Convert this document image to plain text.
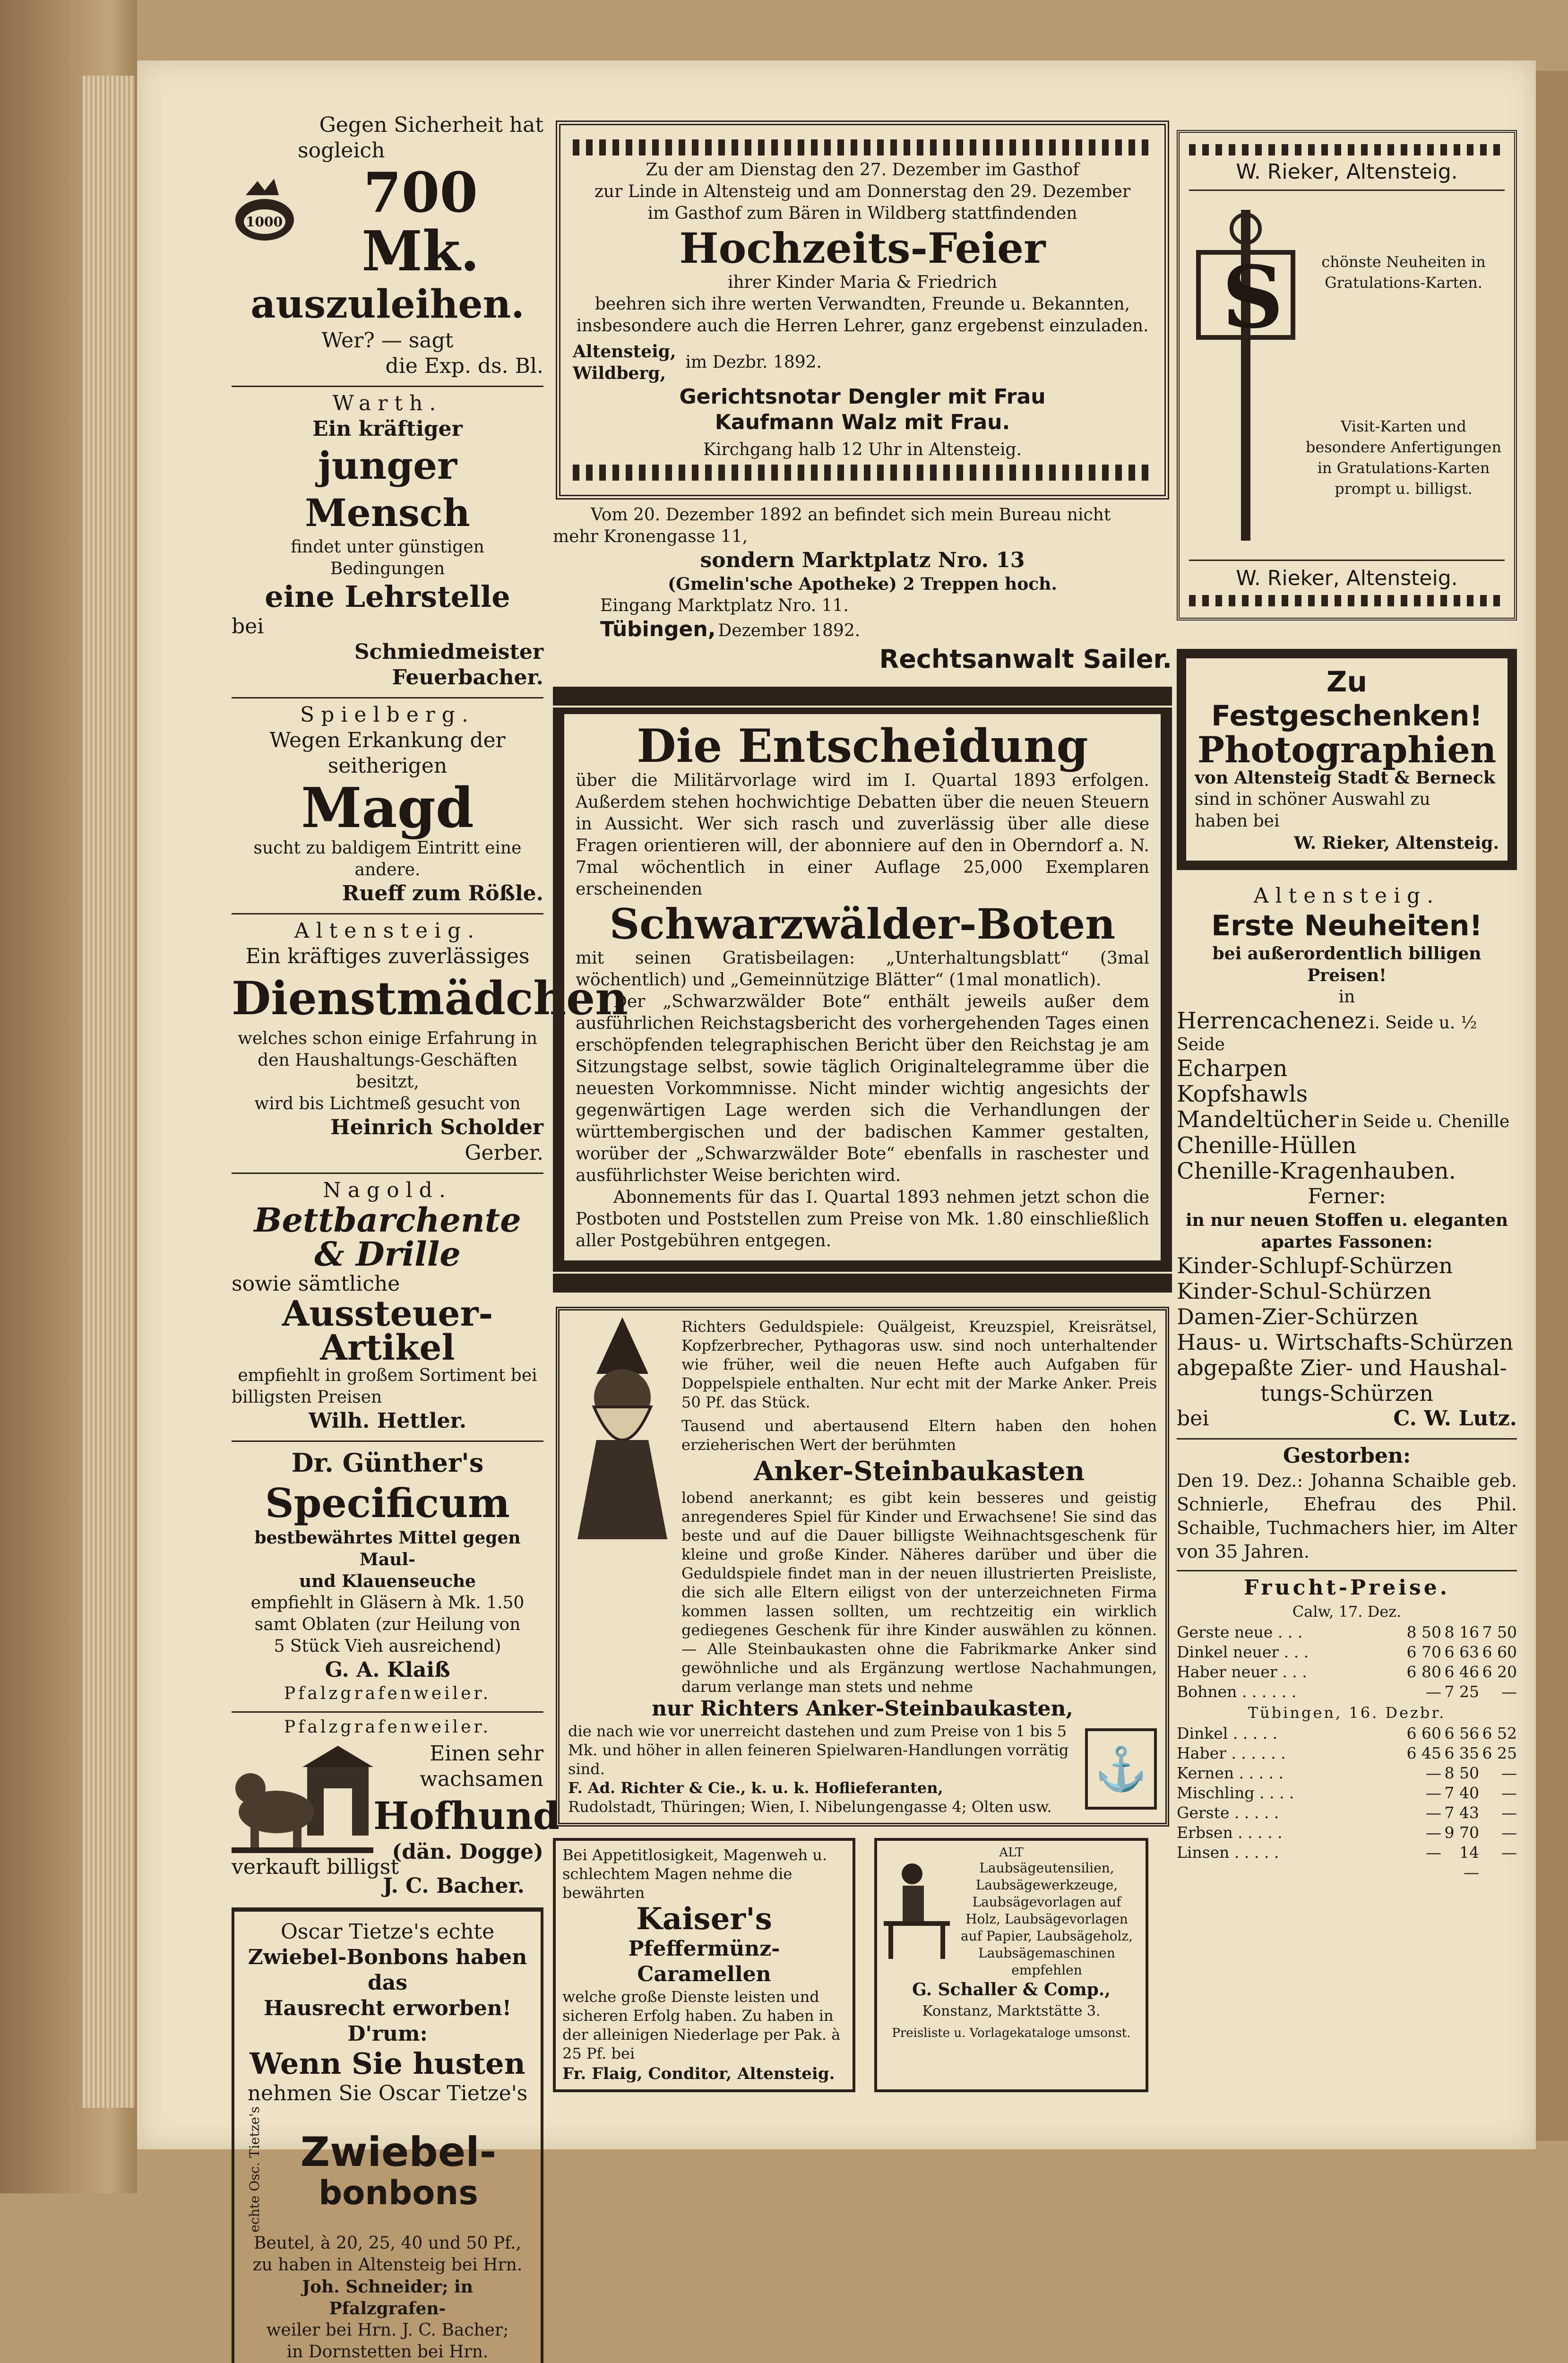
Gegen Sicherheit hat
1000
sogleich
700 Mk.
auszuleihen.
Wer? — sagt
die Exp. ds. Bl.
Warth.
Ein kräftiger
junger Mensch
findet unter günstigen Bedingungen
eine Lehrstelle
bei
Schmiedmeister Feuerbacher.
Spielberg.
Wegen Erkankung der seitherigen
Magd
sucht zu baldigem Eintritt eine andere.
Rueff zum Rößle.
Altensteig.
Ein kräftiges zuverlässiges
Dienstmädchen
welches schon einige Erfahrung in
den Haushaltungs-Geschäften besitzt,
wird bis Lichtmeß gesucht von
Heinrich Scholder
Gerber.
Nagold.
Bettbarchente
& Drille
sowie sämtliche
Aussteuer-Artikel
empfiehlt in großem Sortiment bei
billigsten Preisen
Wilh. Hettler.
Dr. Günther's
Specificum
bestbewährtes Mittel gegen Maul-
und Klauenseuche
empfiehlt in Gläsern à Mk. 1.50
samt Oblaten (zur Heilung von
5 Stück Vieh ausreichend)
G. A. Klaiß
Pfalzgrafenweiler.
Pfalzgrafenweiler.
Einen sehr
wachsamen
Hofhund
(dän. Dogge)
verkauft billigst
J. C. Bacher.
Oscar Tietze's echte
Zwiebel-Bonbons haben das
Hausrecht erworben!
D'rum:
Wenn Sie husten
nehmen Sie Oscar Tietze's
echte Osc. Tietze's Zwiebel-
bonbons
Beutel, à 20, 25, 40 und 50 Pf.,
zu haben in Altensteig bei Hrn.
Joh. Schneider; in Pfalzgrafen-
weiler bei Hrn. J. C. Bacher;
in Dornstetten bei Hrn.
Zu der am Dienstag den 27. Dezember im Gasthof
zur Linde in Altensteig und am Donnerstag den 29. Dezember
im Gasthof zum Bären in Wildberg stattfindenden
Hochzeits-Feier
ihrer Kinder Maria & Friedrich
beehren sich ihre werten Verwandten, Freunde u. Bekannten,
insbesondere auch die Herren Lehrer, ganz ergebenst einzuladen.
Altensteig,
Wildberg,
im Dezbr. 1892.
Gerichtsnotar Dengler mit Frau
Kaufmann Walz mit Frau.
Kirchgang halb 12 Uhr in Altensteig.
Vom 20. Dezember 1892 an befindet sich mein Bureau nicht
mehr Kronengasse 11,
sondern Marktplatz Nro. 13
(Gmelin'sche Apotheke) 2 Treppen hoch.
Eingang Marktplatz Nro. 11.
Tübingen, Dezember 1892.
Rechtsanwalt Sailer.
Die Entscheidung
über die Militärvorlage wird im I. Quartal 1893 erfolgen. Außerdem stehen hochwichtige Debatten über die neuen Steuern in Aussicht. Wer sich rasch und zuverlässig über alle diese Fragen orientieren will, der abonniere auf den in Oberndorf a. N. 7mal wöchentlich in einer Auflage 25,000 Exemplaren erscheinenden
Schwarzwälder-Boten
mit seinen Gratisbeilagen: „Unterhaltungsblatt“ (3mal wöchentlich) und „Gemeinnützige Blätter“ (1mal monatlich).
Der „Schwarzwälder Bote“ enthält jeweils außer dem ausführlichen Reichstagsbericht des vorhergehenden Tages einen erschöpfenden telegraphischen Bericht über den Reichstag je am Sitzungstage selbst, sowie täglich Originaltelegramme über die neuesten Vorkommnisse. Nicht minder wichtig angesichts der gegenwärtigen Lage werden sich die Verhandlungen der württembergischen und der badischen Kammer gestalten, worüber der „Schwarzwälder Bote“ ebenfalls in raschester und ausführlichster Weise berichten wird.
Abonnements für das I. Quartal 1893 nehmen jetzt schon die Postboten und Poststellen zum Preise von Mk. 1.80 einschließlich aller Postgebühren entgegen.
Richters Geduldspiele: Quälgeist, Kreuzspiel, Kreisrätsel, Kopfzerbrecher, Pythagoras usw. sind noch unterhaltender wie früher, weil die neuen Hefte auch Aufgaben für Doppelspiele enthalten. Nur echt mit der Marke Anker. Preis 50 Pf. das Stück.
Tausend und abertausend Eltern haben den hohen erzieherischen Wert der berühmten
Anker-Steinbaukasten
lobend anerkannt; es gibt kein besseres und geistig anregenderes Spiel für Kinder und Erwachsene! Sie sind das beste und auf die Dauer billigste Weihnachtsgeschenk für kleine und große Kinder. Näheres darüber und über die Geduldspiele findet man in der neuen illustrierten Preisliste, die sich alle Eltern eiligst von der unterzeichneten Firma kommen lassen sollten, um rechtzeitig ein wirklich gediegenes Geschenk für ihre Kinder auswählen zu können. — Alle Steinbaukasten ohne die Fabrikmarke Anker sind gewöhnliche und als Ergänzung wertlose Nachahmungen, darum verlange man stets und nehme
nur Richters Anker-Steinbaukasten,
die nach wie vor unerreicht dastehen und zum Preise von 1 bis 5 Mk. und höher in allen feineren Spielwaren-Handlungen vorrätig sind.
F. Ad. Richter & Cie., k. u. k. Hoflieferanten,
Rudolstadt, Thüringen; Wien, I. Nibelungengasse 4; Olten usw.
⚓
Bei Appetitlosigkeit, Magenweh u. schlechtem Magen nehme die bewährten
Kaiser's
Pfeffermünz-Caramellen
welche große Dienste leisten und sicheren Erfolg haben. Zu haben in der alleinigen Niederlage per Pak. à 25 Pf. bei
Fr. Flaig, Conditor, Altensteig.
ALT
Laubsägeutensilien, Laubsägewerkzeuge, Laubsägevorlagen auf Holz, Laubsägevorlagen auf Papier, Laubsägeholz, Laubsägemaschinen empfehlen
G. Schaller & Comp.,
Konstanz, Marktstätte 3.
Preisliste u. Vorlagekataloge umsonst.
W. Rieker, Altensteig.
S	chönste Neuheiten in Gratulations-Karten.
Visit-Karten und besondere Anfertigungen in Gratulations-Karten prompt u. billigst.
W. Rieker, Altensteig.
Zu Festgeschenken!
Photographien
von Altensteig Stadt & Berneck
sind in schöner Auswahl zu
haben bei
W. Rieker, Altensteig.
Altensteig.
Erste Neuheiten!
bei außerordentlich billigen Preisen!
in
Herrencachenez i. Seide u. ½ Seide
Echarpen
Kopfshawls
Mandeltücher in Seide u. Chenille
Chenille-Hüllen
Chenille-Kragenhauben.
Ferner:
in nur neuen Stoffen u. eleganten
apartes Fassonen:
Kinder-Schlupf-Schürzen
Kinder-Schul-Schürzen
Damen-Zier-Schürzen
Haus- u. Wirtschafts-Schürzen
abgepaßte Zier- und Haushal-
tungs-Schürzen
bei	C. W. Lutz.
Gestorben:
Den 19. Dez.: Johanna Schaible geb. Schnierle, Ehefrau des Phil. Schaible, Tuchmachers hier, im Alter von 35 Jahren.
Frucht-Preise.
Calw, 17. Dez.
Gerste neue . . .	8 50 8 16 7 50
Dinkel neuer . . .	6 70 6 63 6 60
Haber neuer . . .	6 80 6 46 6 20
Bohnen . . . . . .	— 7 25	—
Tübingen, 16. Dezbr.
Dinkel . . . . .	6 60 6 56 6 52
Haber . . . . . .	6 45 6 35 6 25
Kernen . . . . .	— 8 50	—
Mischling . . . .	— 7 40	—
Gerste . . . . .	— 7 43	—
Erbsen . . . . .	— 9 70	—
Linsen . . . . .	—	14 —
—
